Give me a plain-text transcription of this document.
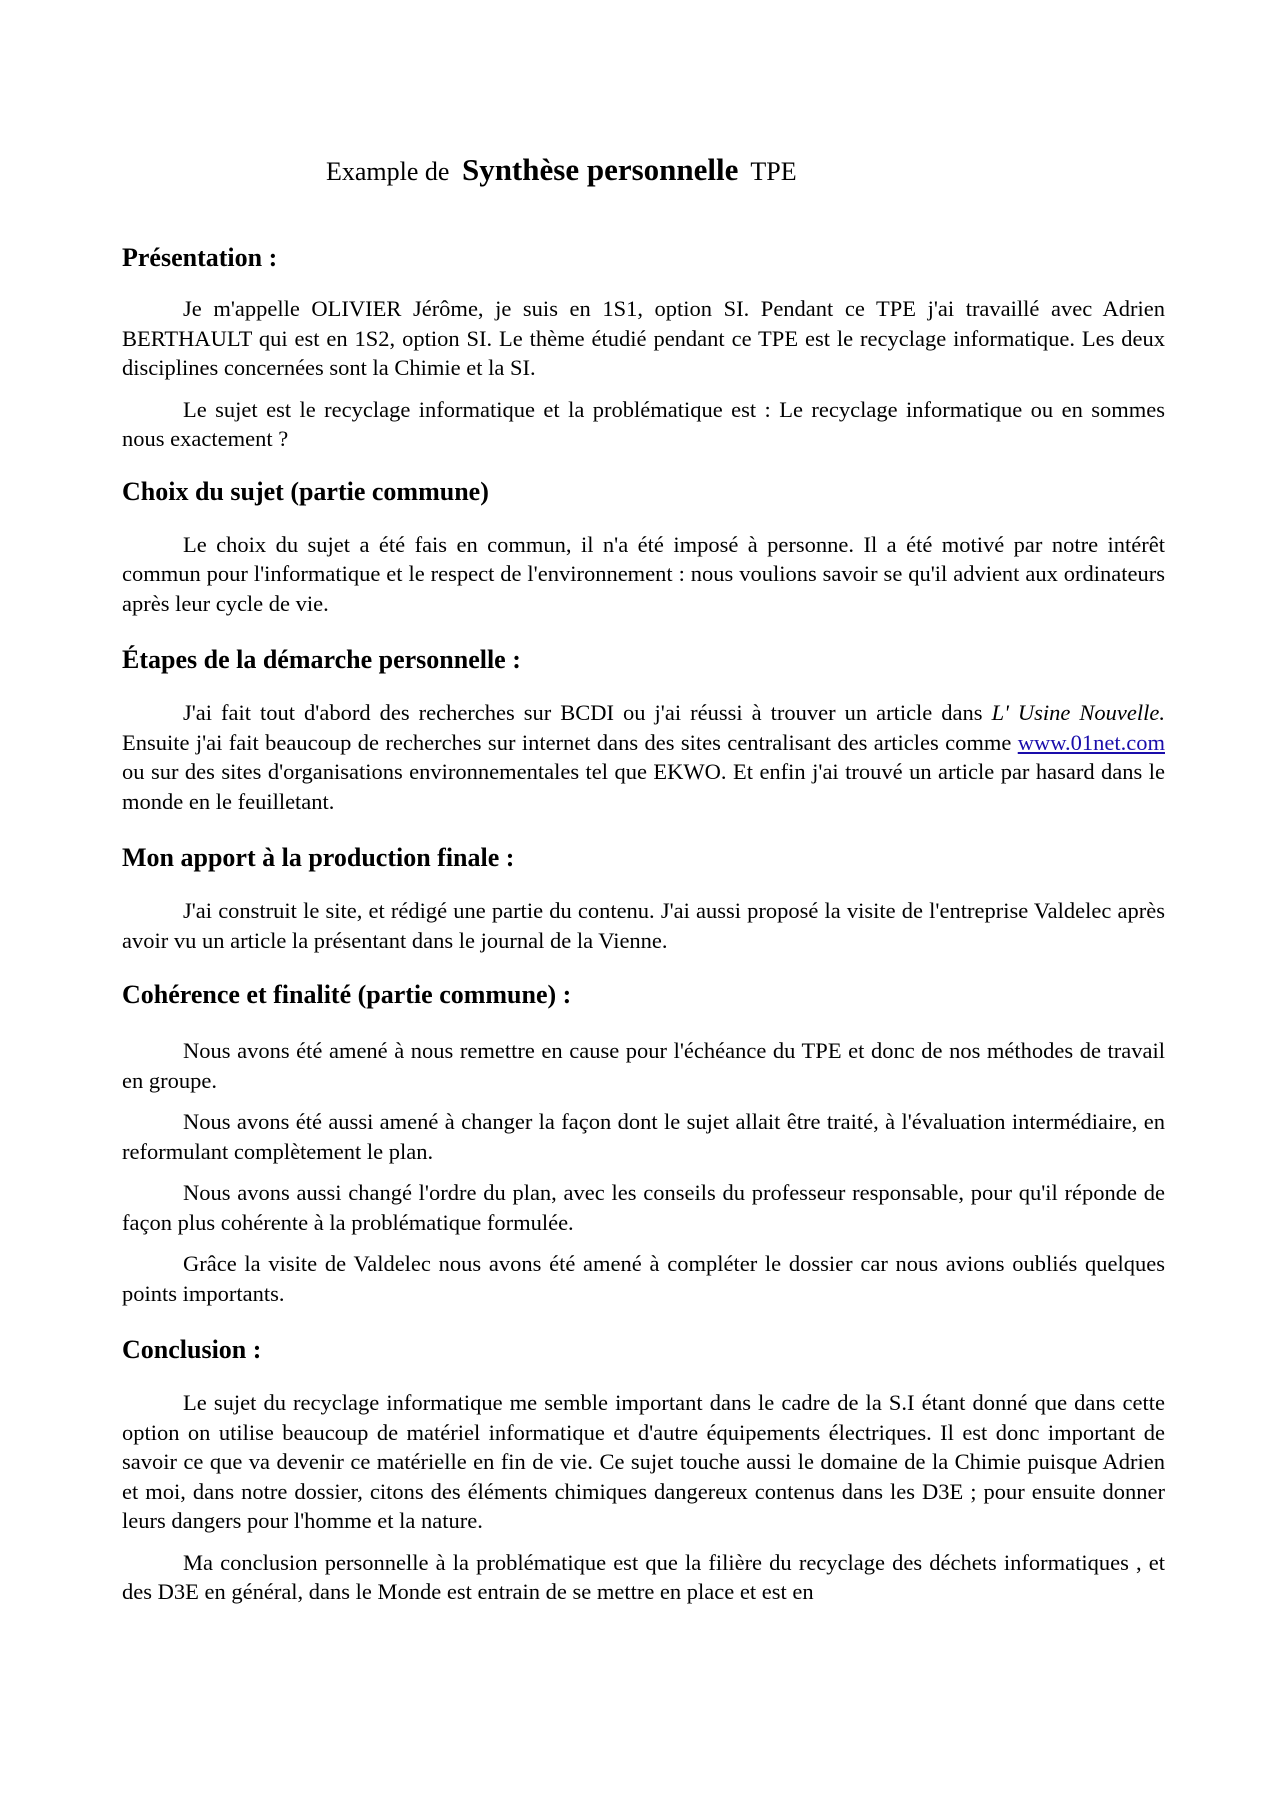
Example de Synthèse personnelle TPE
Présentation :

Je m'appelle OLIVIER Jérôme, je suis en 1S1, option SI. Pendant ce TPE j'ai travaillé avec Adrien BERTHAULT qui est en 1S2, option SI. Le thème étudié pendant ce TPE est le recyclage informatique. Les deux disciplines concernées sont la Chimie et la SI.

Le sujet est le recyclage informatique et la problématique est : Le recyclage informatique ou en sommes nous exactement ?

Choix du sujet (partie commune)

Le choix du sujet a été fais en commun, il n'a été imposé à personne. Il a été motivé par notre intérêt commun pour l'informatique et le respect de l'environnement : nous voulions savoir se qu'il advient aux ordinateurs après leur cycle de vie.

Étapes de la démarche personnelle :

J'ai fait tout d'abord des recherches sur BCDI ou j'ai réussi à trouver un article dans L' Usine Nouvelle. Ensuite j'ai fait beaucoup de recherches sur internet dans des sites centralisant des articles comme www.01net.com ou sur des sites d'organisations environnementales tel que EKWO. Et enfin j'ai trouvé un article par hasard dans le monde en le feuilletant.

Mon apport à la production finale :

J'ai construit le site, et rédigé une partie du contenu. J'ai aussi proposé la visite de l'entreprise Valdelec après avoir vu un article la présentant dans le journal de la Vienne.

Cohérence et finalité (partie commune) :

Nous avons été amené à nous remettre en cause pour l'échéance du TPE et donc de nos méthodes de travail en groupe.

Nous avons été aussi amené à changer la façon dont le sujet allait être traité, à l'évaluation intermédiaire, en reformulant complètement le plan.

Nous avons aussi changé l'ordre du plan, avec les conseils du professeur responsable, pour qu'il réponde de façon plus cohérente à la problématique formulée.

Grâce la visite de Valdelec nous avons été amené à compléter le dossier car nous avions oubliés quelques points importants.

Conclusion :

Le sujet du recyclage informatique me semble important dans le cadre de la S.I étant donné que dans cette option on utilise beaucoup de matériel informatique et d'autre équipements électriques. Il est donc important de savoir ce que va devenir ce matérielle en fin de vie. Ce sujet touche aussi le domaine de la Chimie puisque Adrien et moi, dans notre dossier, citons des éléments chimiques dangereux contenus dans les D3E ; pour ensuite donner leurs dangers pour l'homme et la nature.

Ma conclusion personnelle à la problématique est que la filière du recyclage des déchets informatiques , et des D3E en général, dans le Monde est entrain de se mettre en place et est en
